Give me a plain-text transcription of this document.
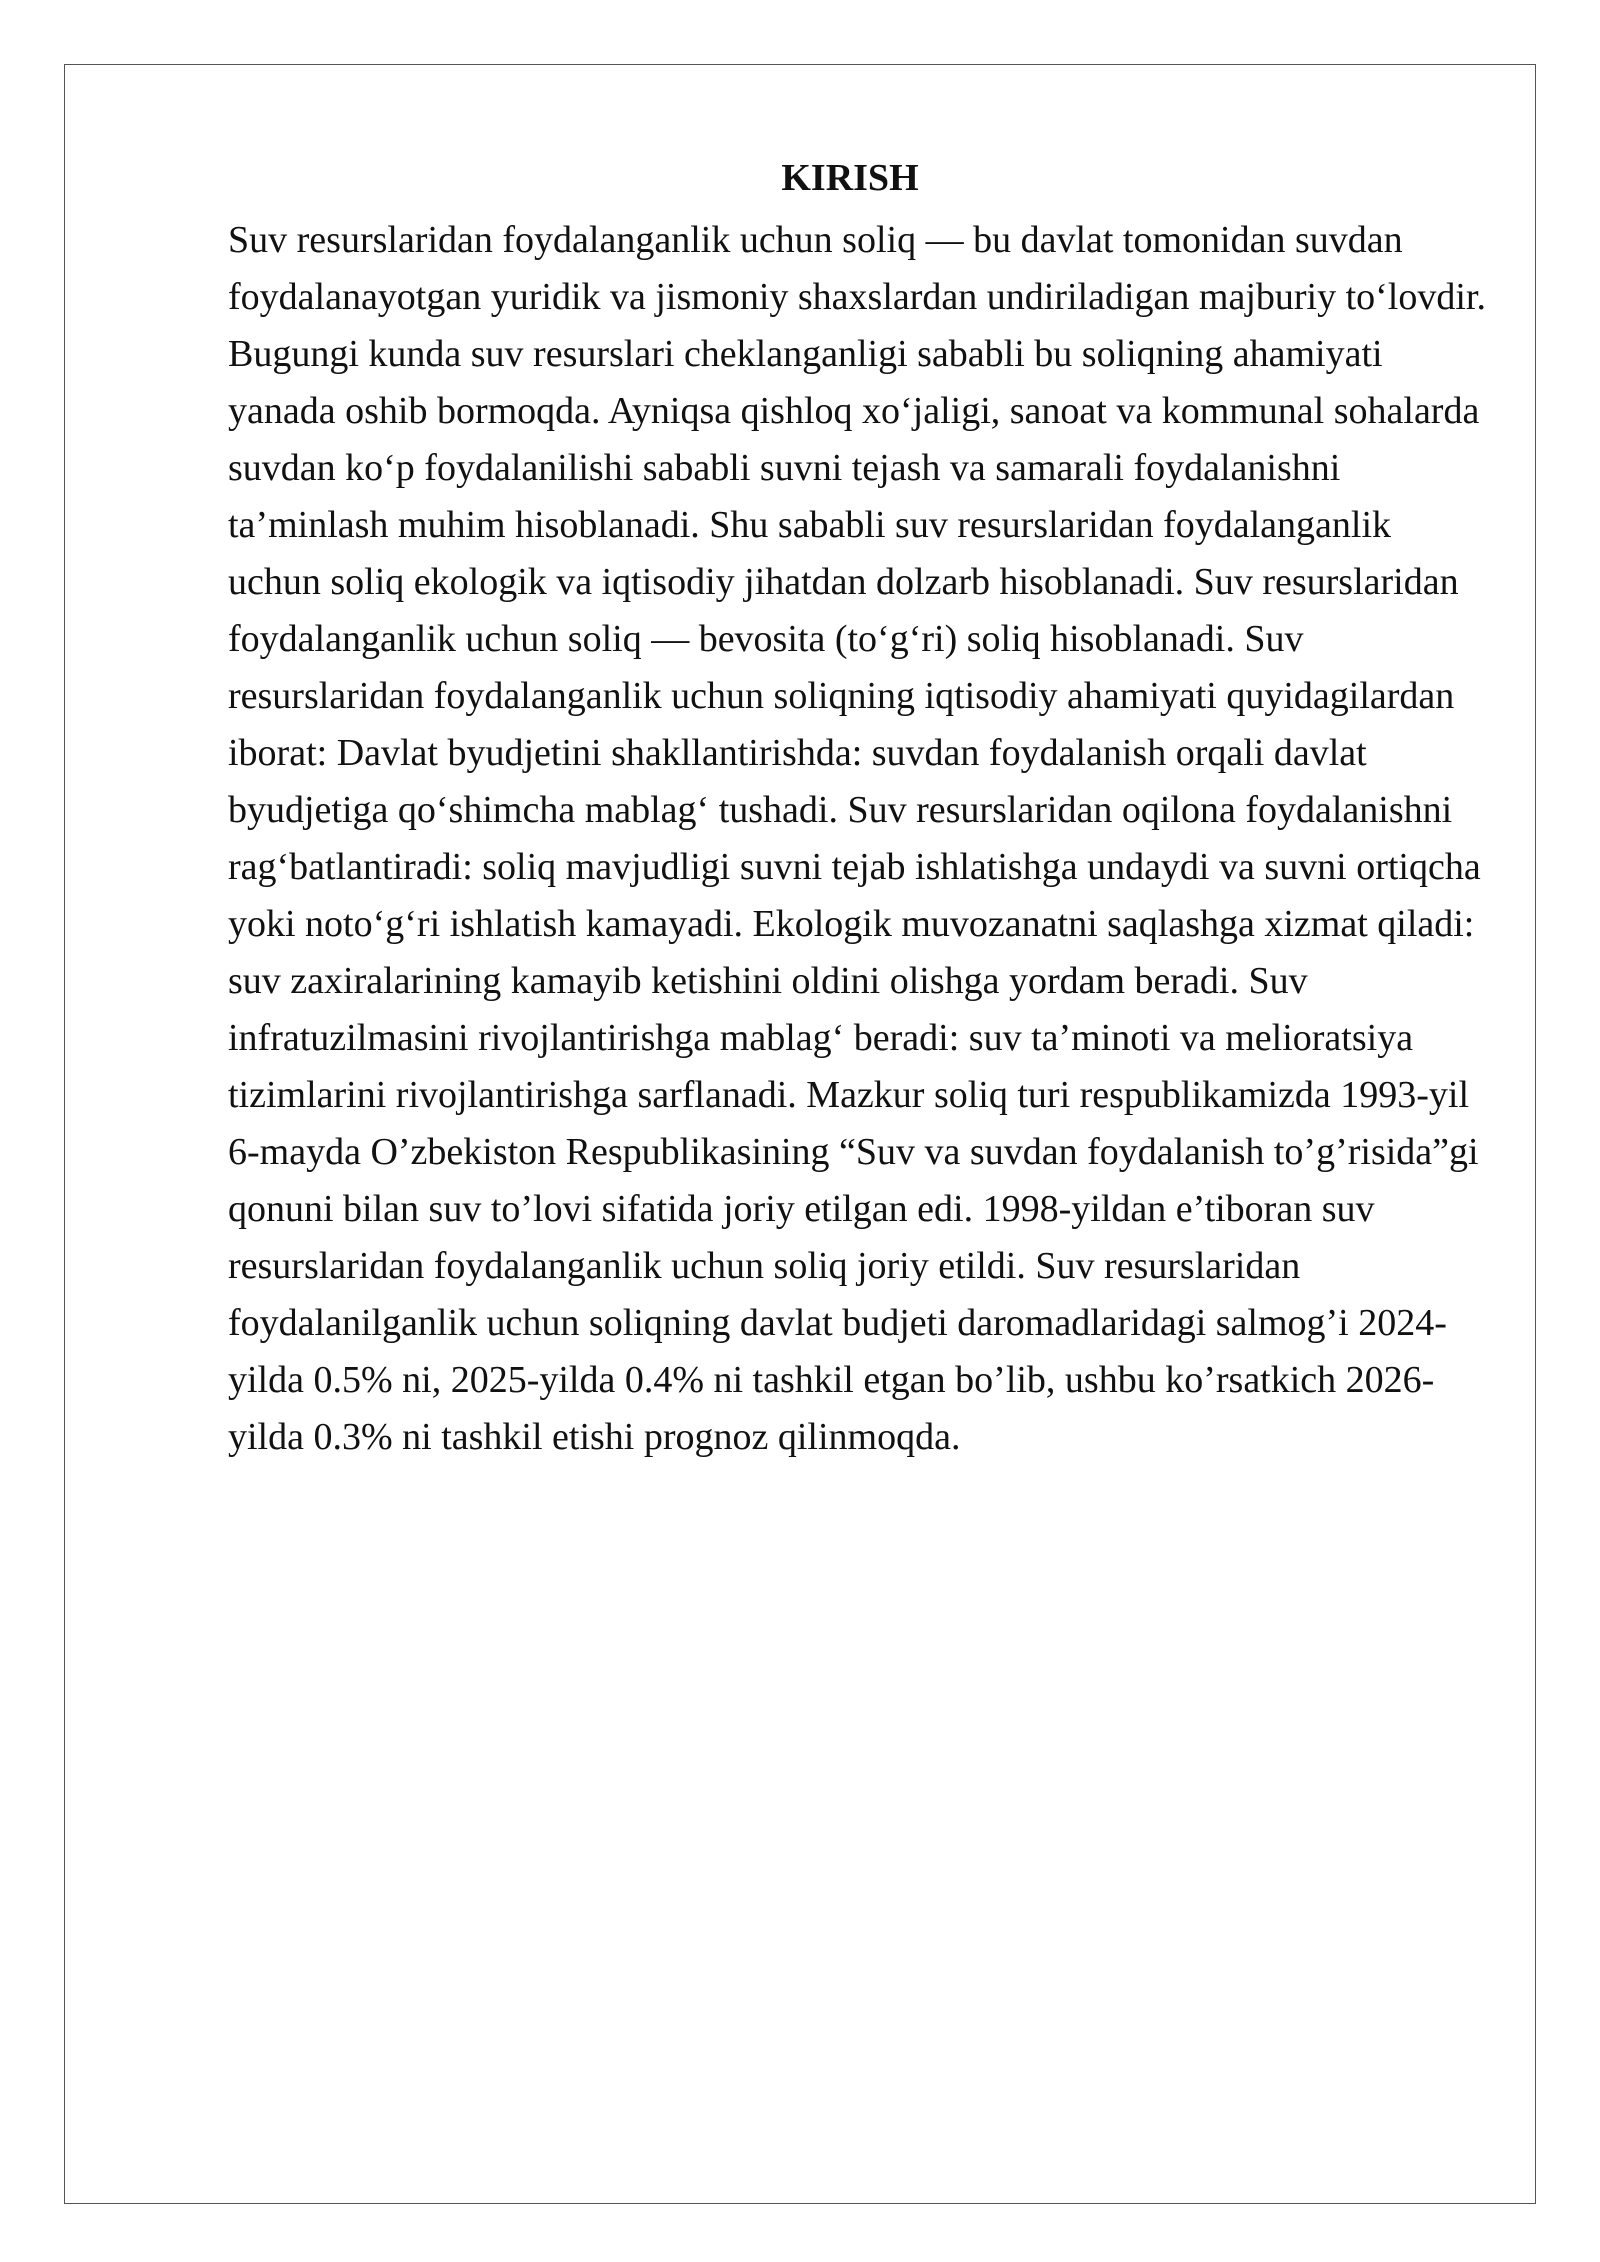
KIRISH

Suv resurslaridan foydalanganlik uchun soliq — bu davlat tomonidan suvdan foydalanayotgan yuridik va jismoniy shaxslardan undiriladigan majburiy to‘lovdir. Bugungi kunda suv resurslari cheklanganligi sababli bu soliqning ahamiyati yanada oshib bormoqda. Ayniqsa qishloq xo‘jaligi, sanoat va kommunal sohalarda suvdan ko‘p foydalanilishi sababli suvni tejash va samarali foydalanishni ta’minlash muhim hisoblanadi. Shu sababli suv resurslaridan foydalanganlik uchun soliq ekologik va iqtisodiy jihatdan dolzarb hisoblanadi. Suv resurslaridan foydalanganlik uchun soliq — bevosita (to‘g‘ri) soliq hisoblanadi. Suv resurslaridan foydalanganlik uchun soliqning iqtisodiy ahamiyati quyidagilardan iborat: Davlat byudjetini shakllantirishda: suvdan foydalanish orqali davlat byudjetiga qo‘shimcha mablag‘ tushadi. Suv resurslaridan oqilona foydalanishni rag‘batlantiradi: soliq mavjudligi suvni tejab ishlatishga undaydi va suvni ortiqcha yoki noto‘g‘ri ishlatish kamayadi. Ekologik muvozanatni saqlashga xizmat qiladi: suv zaxiralarining kamayib ketishini oldini olishga yordam beradi. Suv infratuzilmasini rivojlantirishga mablag‘ beradi: suv ta’minoti va melioratsiya tizimlarini rivojlantirishga sarflanadi. Mazkur soliq turi respublikamizda 1993-yil 6-mayda O’zbekiston Respublikasining “Suv va suvdan foydalanish to’g’risida”gi qonuni bilan suv to’lovi sifatida joriy etilgan edi. 1998-yildan e’tiboran suv resurslaridan foydalanganlik uchun soliq joriy etildi. Suv resurslaridan foydalanilganlik uchun soliqning davlat budjeti daromadlaridagi salmog’i 2024-yilda 0.5% ni, 2025-yilda 0.4% ni tashkil etgan bo’lib, ushbu ko’rsatkich 2026-yilda 0.3% ni tashkil etishi prognoz qilinmoqda.
